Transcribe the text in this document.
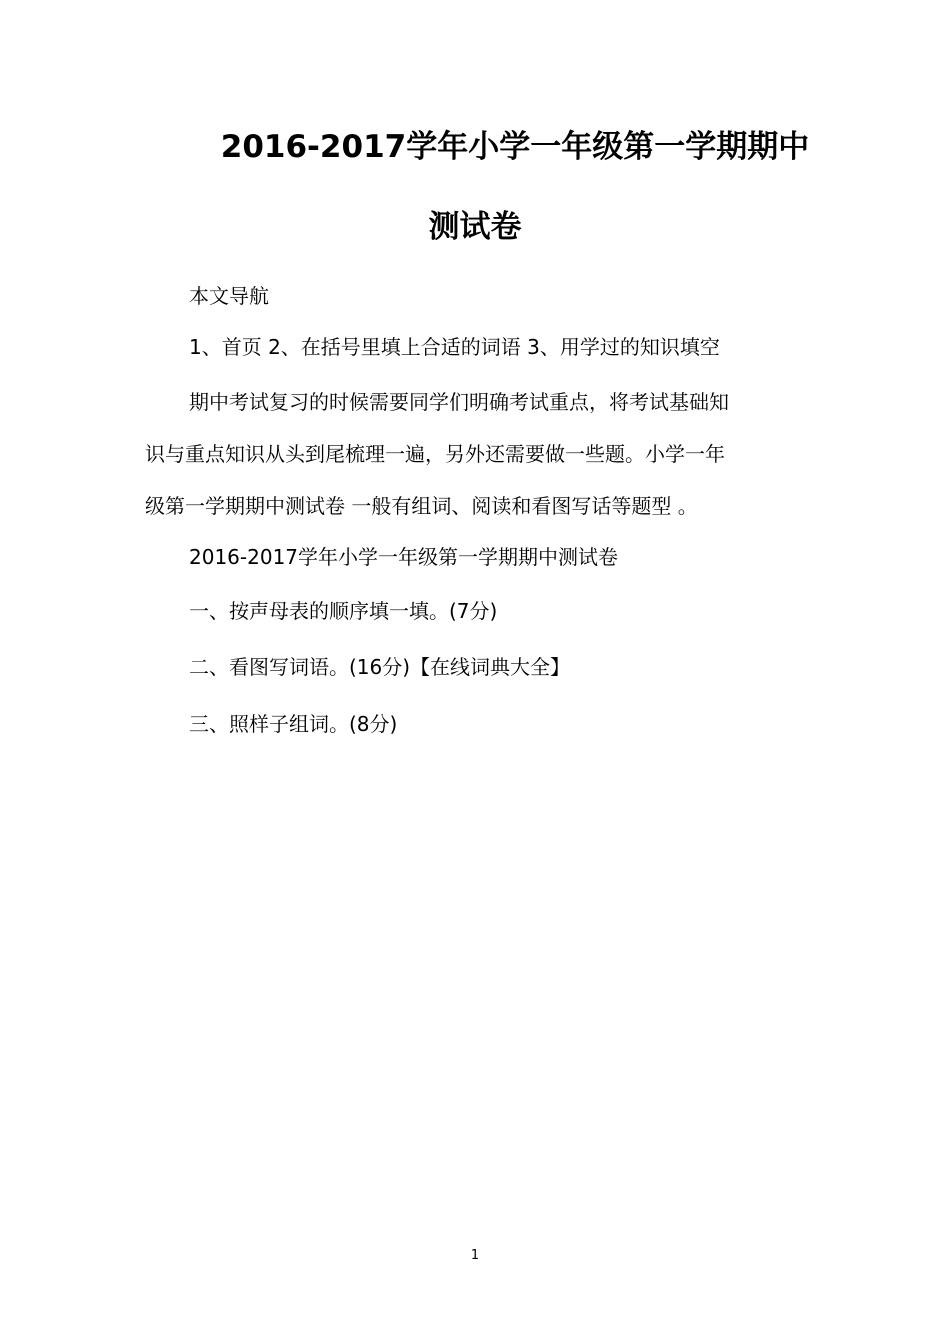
2016-2017学年小学一年级第一学期期中
测试卷
本文导航
1、首页 2、在括号里填上合适的词语 3、用学过的知识填空
期中考试复习的时候需要同学们明确考试重点，将考试基础知
识与重点知识从头到尾梳理一遍，另外还需要做一些题。小学一年
级第一学期期中测试卷 一般有组词、阅读和看图写话等题型 。
2016-2017学年小学一年级第一学期期中测试卷
一、按声母表的顺序填一填。(7分)
二、看图写词语。(16分)【在线词典大全】
三、照样子组词。(8分)
1
